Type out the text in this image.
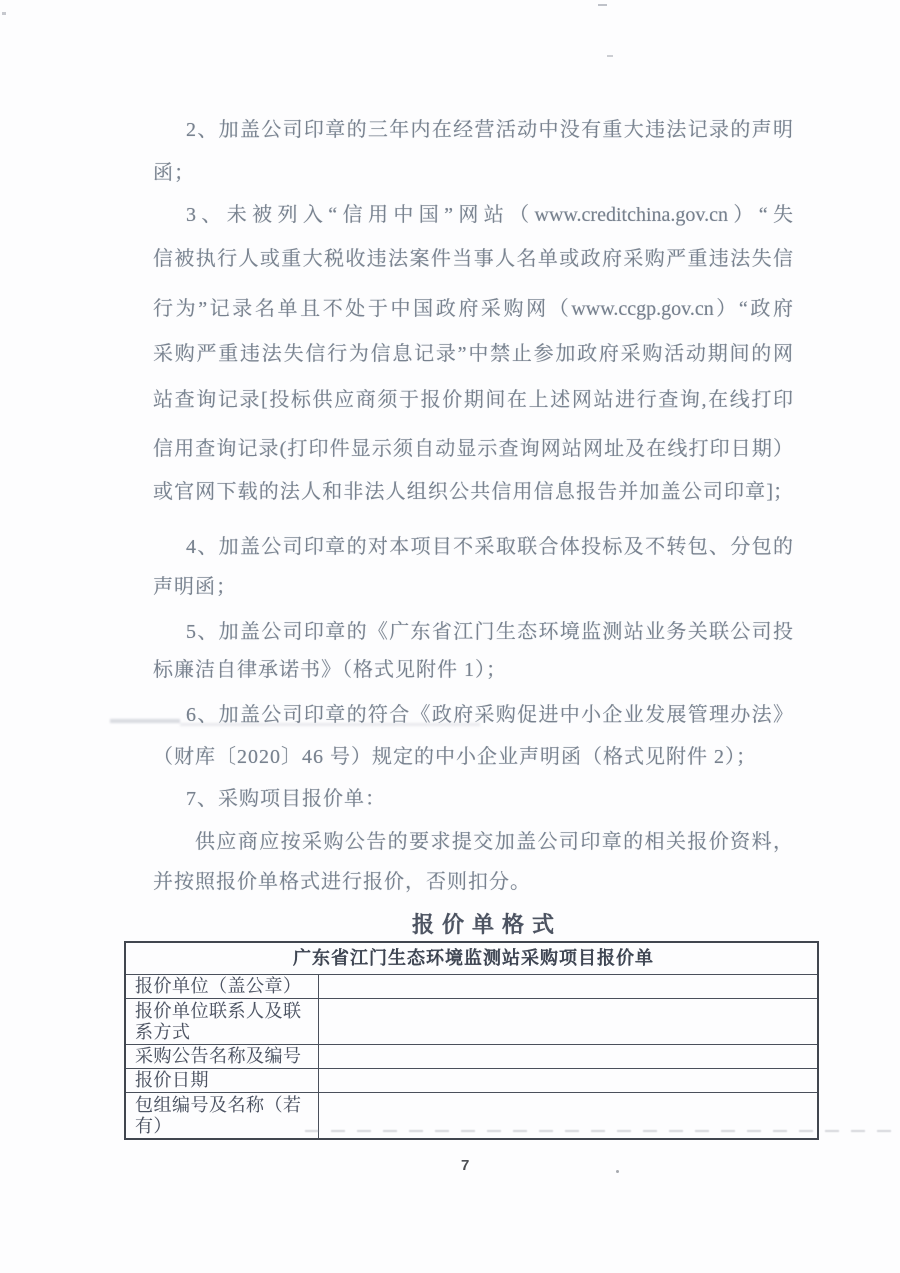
2、加盖公司印章的三年内在经营活动中没有重大违法记录的声明
函；
3、未被列入“信用中国”网站（www.creditchina.gov.cn）“失
信被执行人或重大税收违法案件当事人名单或政府采购严重违法失信
行为”记录名单且不处于中国政府采购网（www.ccgp.gov.cn）“政府
采购严重违法失信行为信息记录”中禁止参加政府采购活动期间的网
站查询记录[投标供应商须于报价期间在上述网站进行查询,在线打印
信用查询记录(打印件显示须自动显示查询网站网址及在线打印日期）
或官网下载的法人和非法人组织公共信用信息报告并加盖公司印章]；
4、加盖公司印章的对本项目不采取联合体投标及不转包、分包的
声明函；
5、加盖公司印章的《广东省江门生态环境监测站业务关联公司投
标廉洁自律承诺书》（格式见附件 1）；
6、加盖公司印章的符合《政府采购促进中小企业发展管理办法》
（财库〔2020〕46 号）规定的中小企业声明函（格式见附件 2）；
7、采购项目报价单：
供应商应按采购公告的要求提交加盖公司印章的相关报价资料，
并按照报价单格式进行报价，否则扣分。
报价单格式
广东省江门生态环境监测站采购项目报价单	
报价单位（盖公章）	
报价单位联系人及联系方式	
采购公告名称及编号	
报价日期	
包组编号及名称（若有）	
7
